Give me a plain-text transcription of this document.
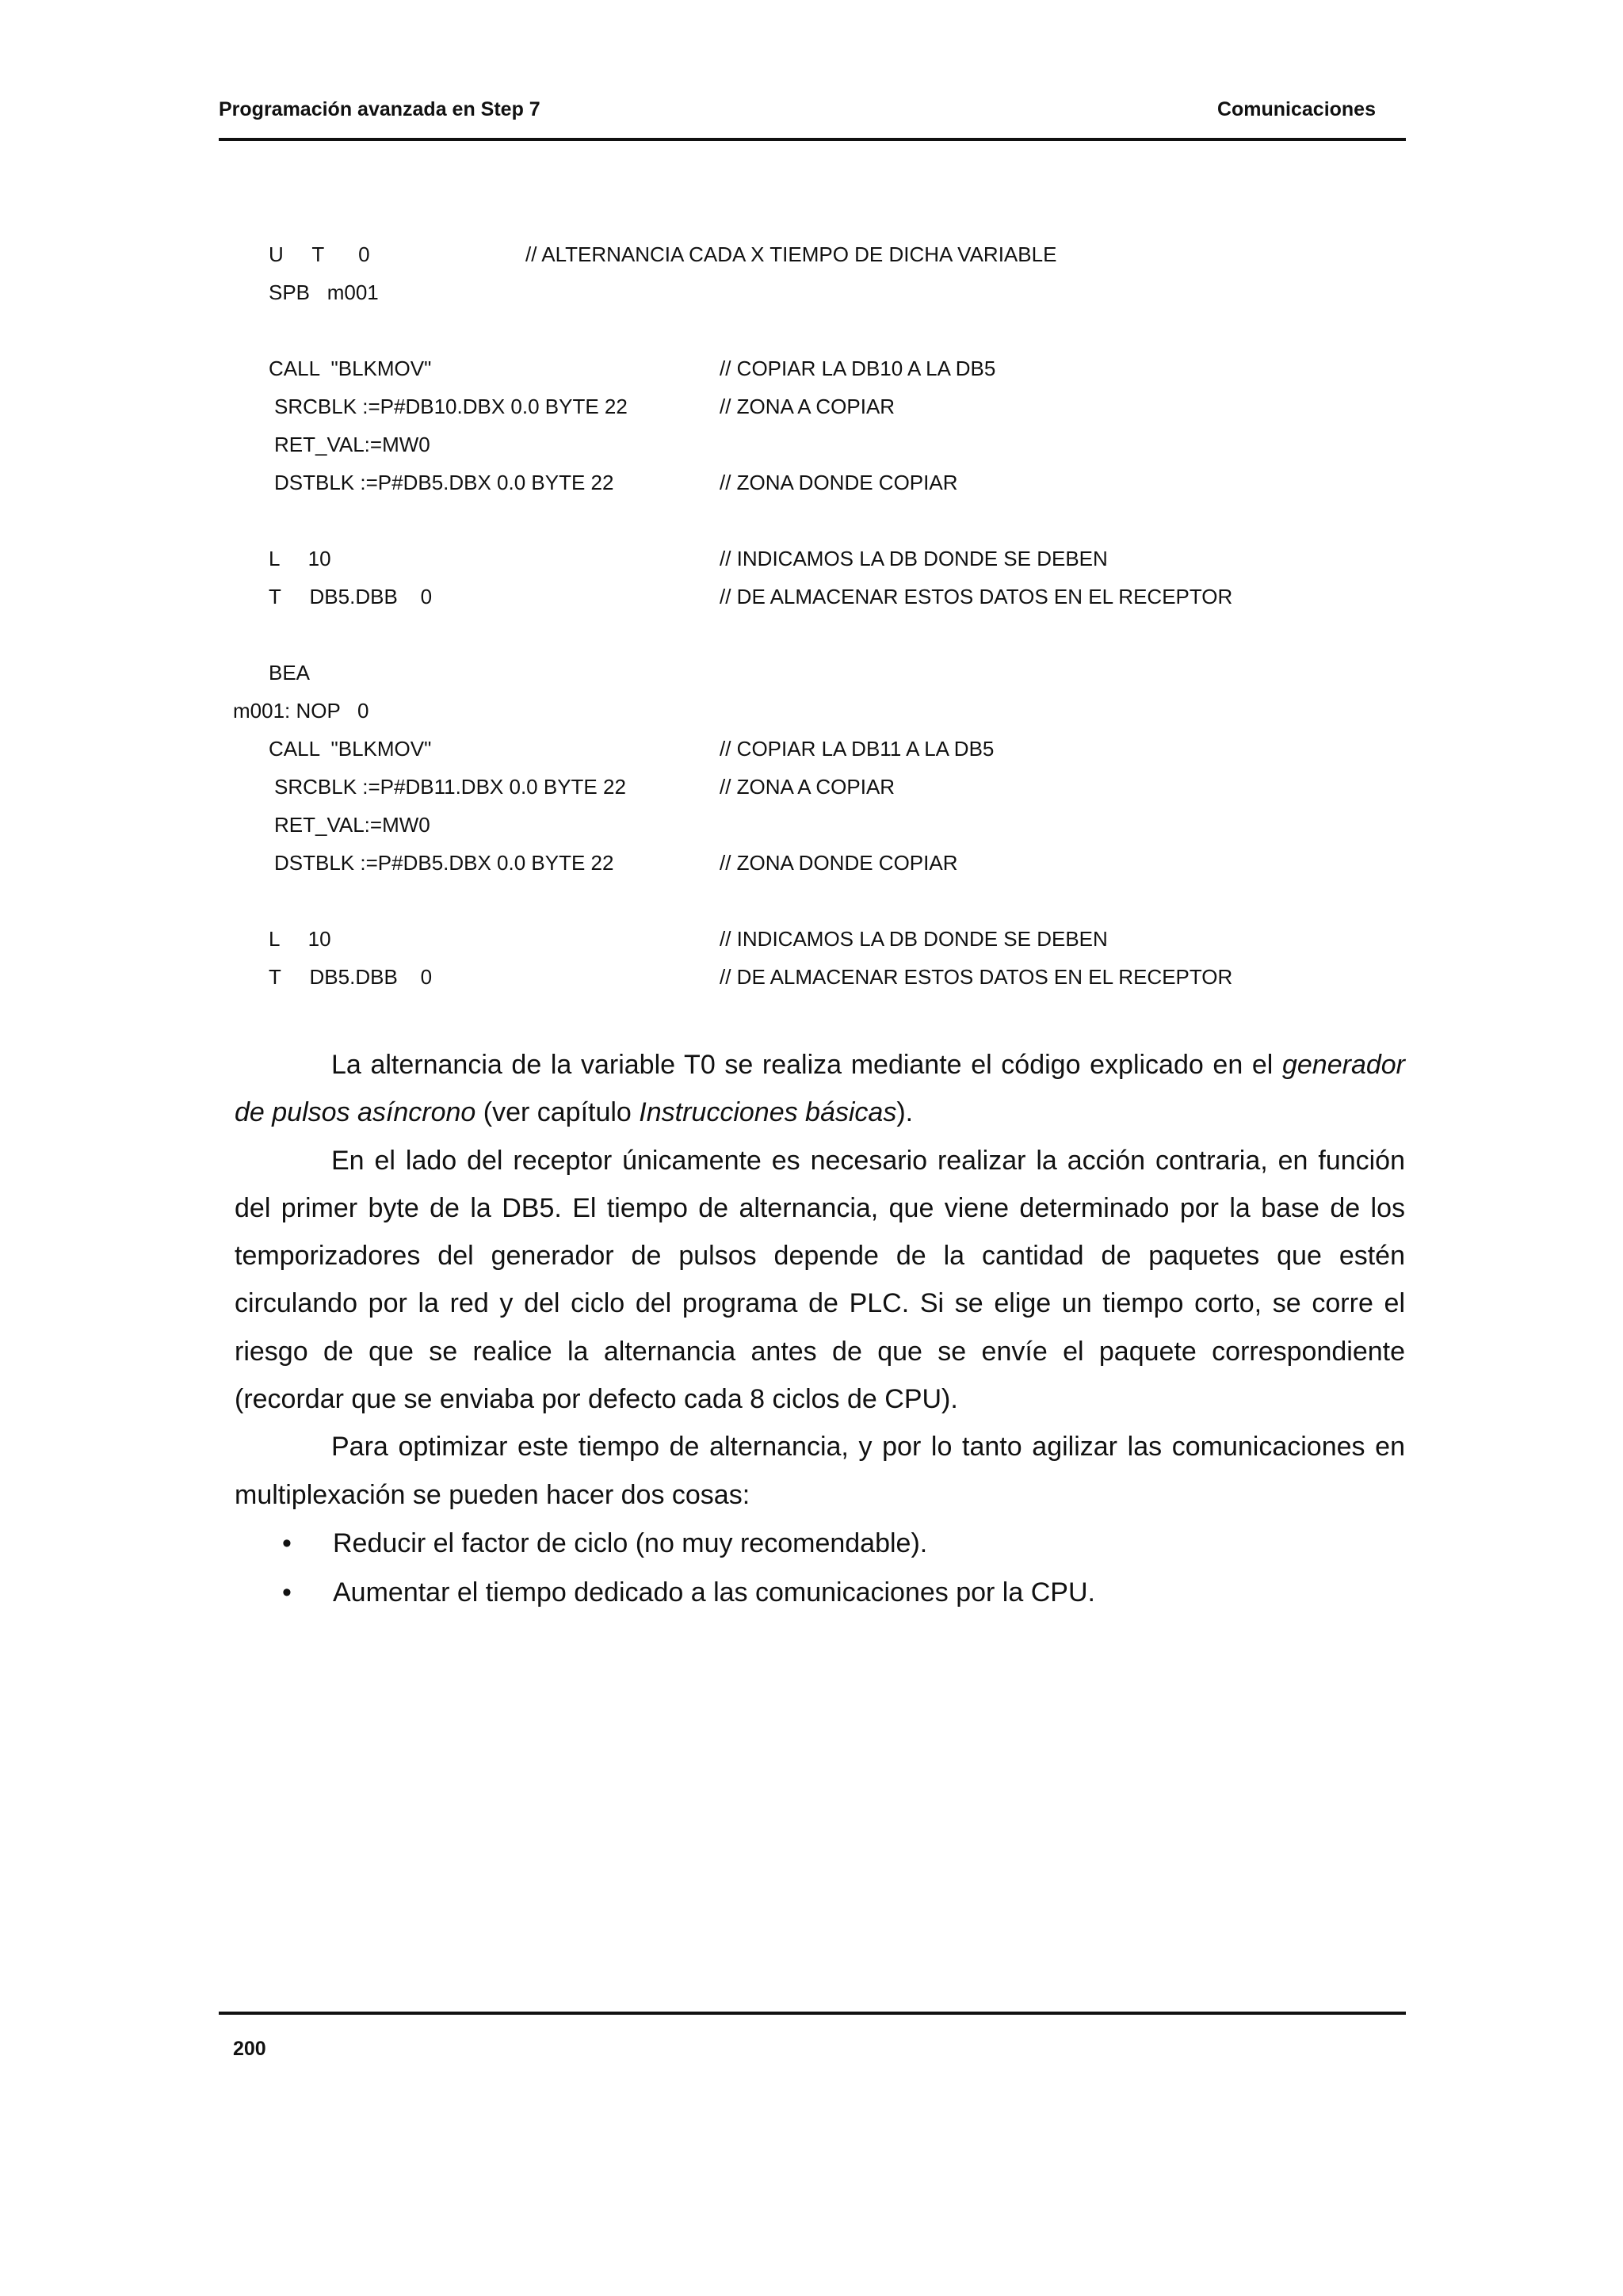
Programación avanzada en Step 7	Comunicaciones
U     T      0	// ALTERNANCIA CADA X TIEMPO DE DICHA VARIABLE
SPB   m001
CALL  "BLKMOV"	// COPIAR LA DB10 A LA DB5
SRCBLK :=P#DB10.DBX 0.0 BYTE 22	// ZONA A COPIAR
RET_VAL:=MW0
DSTBLK :=P#DB5.DBX 0.0 BYTE 22	// ZONA DONDE COPIAR
L     10	// INDICAMOS LA DB DONDE SE DEBEN
T     DB5.DBB    0	// DE ALMACENAR ESTOS DATOS EN EL RECEPTOR
BEA
m001: NOP   0
CALL  "BLKMOV"	// COPIAR LA DB11 A LA DB5
SRCBLK :=P#DB11.DBX 0.0 BYTE 22	// ZONA A COPIAR
RET_VAL:=MW0
DSTBLK :=P#DB5.DBX 0.0 BYTE 22	// ZONA DONDE COPIAR
L     10	// INDICAMOS LA DB DONDE SE DEBEN
T     DB5.DBB    0	// DE ALMACENAR ESTOS DATOS EN EL RECEPTOR

La alternancia de la variable T0 se realiza mediante el código explicado en el generador de pulsos asíncrono (ver capítulo Instrucciones básicas).

En el lado del receptor únicamente es necesario realizar la acción contraria, en función del primer byte de la DB5. El tiempo de alternancia, que viene determinado por la base de los temporizadores del generador de pulsos depende de la cantidad de paquetes que estén circulando por la red y del ciclo del programa de PLC. Si se elige un tiempo corto, se corre el riesgo de que se realice la alternancia antes de que se envíe el paquete correspondiente (recordar que se enviaba por defecto cada 8 ciclos de CPU).

Para optimizar este tiempo de alternancia, y por lo tanto agilizar las comunicaciones en multiplexación se pueden hacer dos cosas:

• Reducir el factor de ciclo (no muy recomendable).
• Aumentar el tiempo dedicado a las comunicaciones por la CPU.
200
